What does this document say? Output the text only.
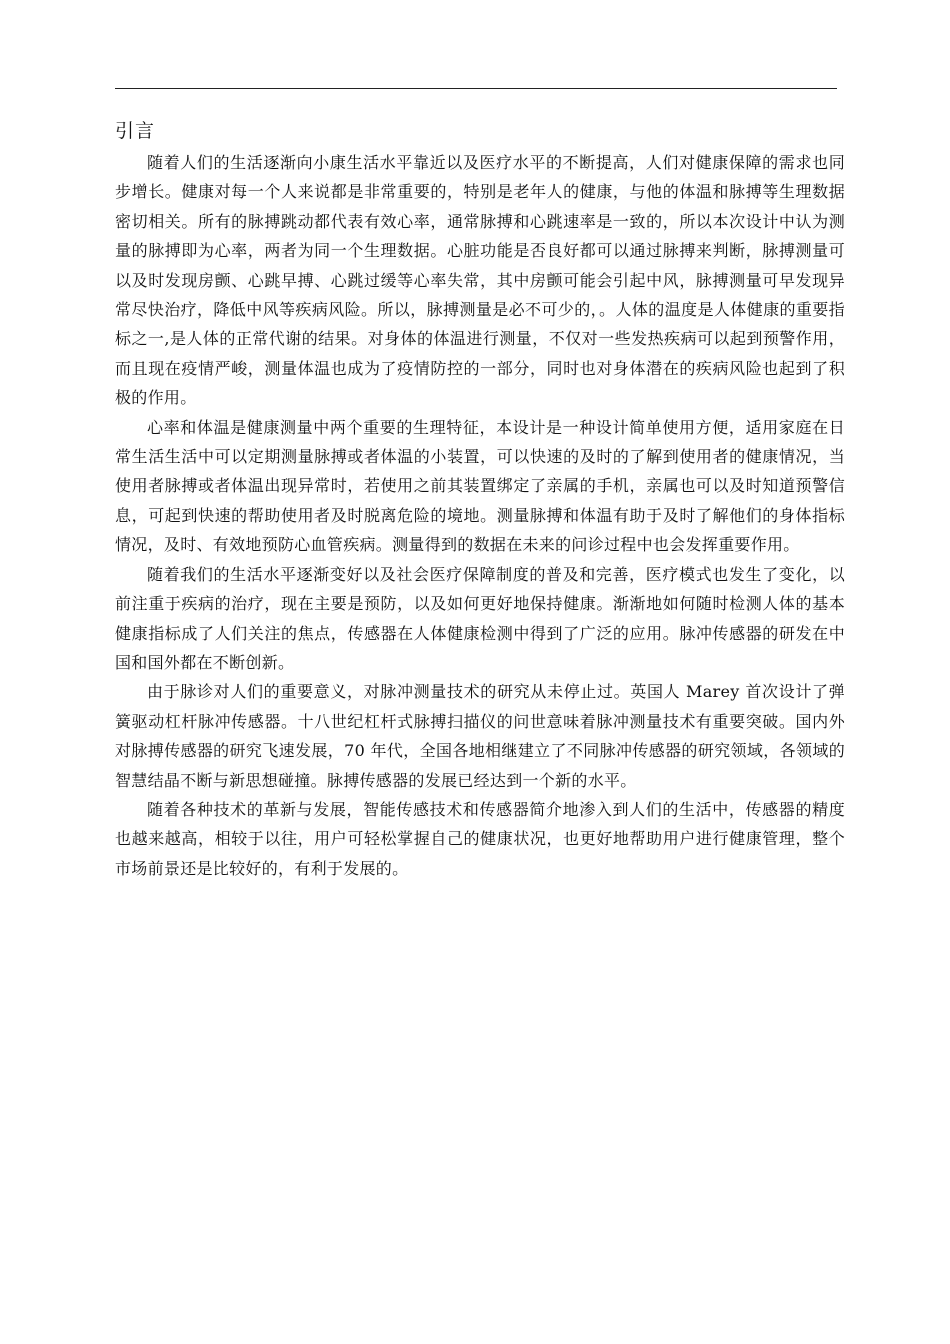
引言

随着人们的生活逐渐向小康生活水平靠近以及医疗水平的不断提高，人们对健康保障的需求也同步增长。健康对每一个人来说都是非常重要的，特别是老年人的健康，与他的体温和脉搏等生理数据密切相关。所有的脉搏跳动都代表有效心率，通常脉搏和心跳速率是一致的，所以本次设计中认为测量的脉搏即为心率，两者为同一个生理数据。心脏功能是否良好都可以通过脉搏来判断，脉搏测量可以及时发现房颤、心跳早搏、心跳过缓等心率失常，其中房颤可能会引起中风，脉搏测量可早发现异常尽快治疗，降低中风等疾病风险。所以，脉搏测量是必不可少的，。人体的温度是人体健康的重要指标之一,是人体的正常代谢的结果。对身体的体温进行测量，不仅对一些发热疾病可以起到预警作用，而且现在疫情严峻，测量体温也成为了疫情防控的一部分，同时也对身体潜在的疾病风险也起到了积极的作用。

心率和体温是健康测量中两个重要的生理特征，本设计是一种设计简单使用方便，适用家庭在日常生活生活中可以定期测量脉搏或者体温的小装置，可以快速的及时的了解到使用者的健康情况，当使用者脉搏或者体温出现异常时，若使用之前其装置绑定了亲属的手机，亲属也可以及时知道预警信息，可起到快速的帮助使用者及时脱离危险的境地。测量脉搏和体温有助于及时了解他们的身体指标情况，及时、有效地预防心血管疾病。测量得到的数据在未来的问诊过程中也会发挥重要作用。

随着我们的生活水平逐渐变好以及社会医疗保障制度的普及和完善，医疗模式也发生了变化，以前注重于疾病的治疗，现在主要是预防，以及如何更好地保持健康。渐渐地如何随时检测人体的基本健康指标成了人们关注的焦点，传感器在人体健康检测中得到了广泛的应用。脉冲传感器的研发在中国和国外都在不断创新。

由于脉诊对人们的重要意义，对脉冲测量技术的研究从未停止过。英国人 Marey 首次设计了弹簧驱动杠杆脉冲传感器。十八世纪杠杆式脉搏扫描仪的问世意味着脉冲测量技术有重要突破。国内外对脉搏传感器的研究飞速发展，70 年代，全国各地相继建立了不同脉冲传感器的研究领域，各领域的智慧结晶不断与新思想碰撞。脉搏传感器的发展已经达到一个新的水平。

随着各种技术的革新与发展，智能传感技术和传感器简介地渗入到人们的生活中，传感器的精度也越来越高，相较于以往，用户可轻松掌握自己的健康状况，也更好地帮助用户进行健康管理，整个市场前景还是比较好的，有利于发展的。
